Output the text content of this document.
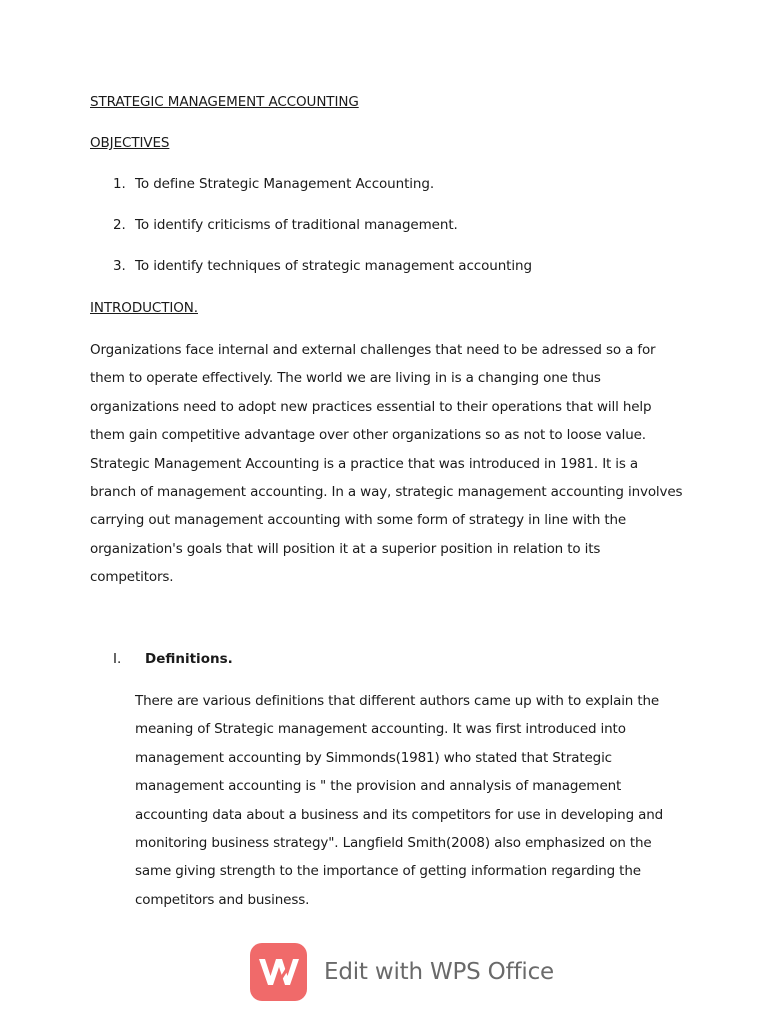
STRATEGIC MANAGEMENT ACCOUNTING
OBJECTIVES
1. To define Strategic Management Accounting.
2. To identify criticisms of traditional management.
3. To identify techniques of strategic management accounting
INTRODUCTION.
Organizations face internal and external challenges that need to be adressed so a for
them to operate effectively. The world we are living in is a changing one thus
organizations need to adopt new practices essential to their operations that will help
them gain competitive advantage over other organizations so as not to loose value.
Strategic Management Accounting is a practice that was introduced in 1981. It is a
branch of management accounting. In a way, strategic management accounting involves
carrying out management accounting with some form of strategy in line with the
organization's goals that will position it at a superior position in relation to its
competitors.
I. Definitions.
There are various definitions that different authors came up with to explain the
meaning of Strategic management accounting. It was first introduced into
management accounting by Simmonds(1981) who stated that Strategic
management accounting is " the provision and annalysis of management
accounting data about a business and its competitors for use in developing and
monitoring business strategy". Langfield Smith(2008) also emphasized on the
same giving strength to the importance of getting information regarding the
competitors and business.
Edit with WPS Office
